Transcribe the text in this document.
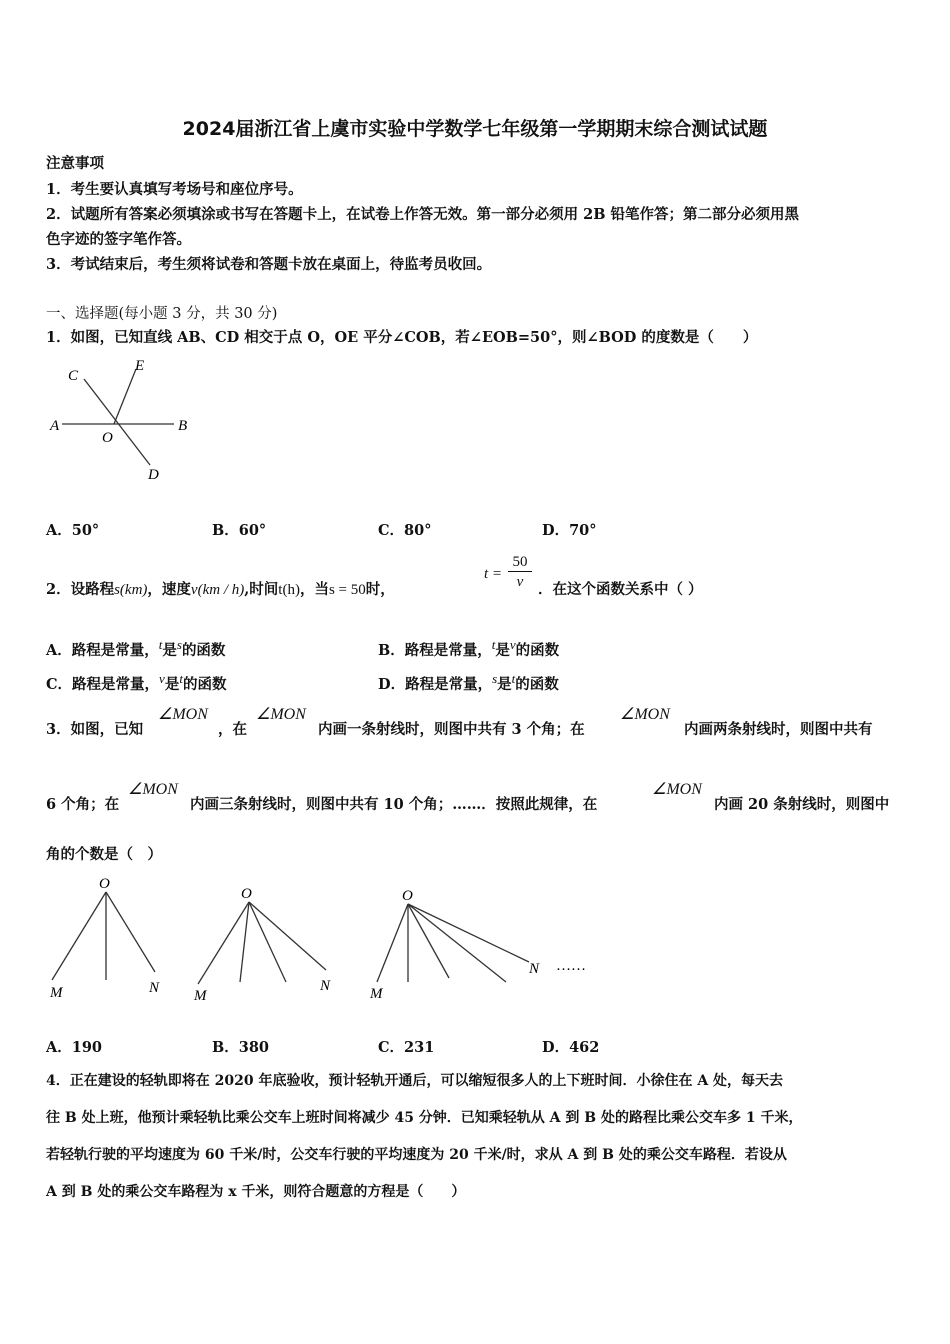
2024届浙江省上虞市实验中学数学七年级第一学期期末综合测试试题
注意事项
1．考生要认真填写考场号和座位序号。
2．试题所有答案必须填涂或书写在答题卡上，在试卷上作答无效。第一部分必须用 2B 铅笔作答；第二部分必须用黑
色字迹的签字笔作答。
3．考试结束后，考生须将试卷和答题卡放在桌面上，待监考员收回。
一、选择题(每小题 3 分，共 30 分)
1．如图，已知直线 AB、CD 相交于点 O，OE 平分∠COB，若∠EOB=50°，则∠BOD 的度数是（　　）
A	B
C
D
E
O
A．50°	B．60°	C．80°	D．70°
2．设路程s(km)，速度v(km / h),时间t(h)，当s = 50时，
$t = \frac{50}{v}$ ．在这个函数关系中（ ）
A．路程是常量，$^t$是$^s$的函数	B．路程是常量，$^t$是$^v$的函数
C．路程是常量，$^v$是$^t$的函数	D．路程是常量，$^s$是$^t$的函数
3．如图，已知
∠MON
，在
∠MON
内画一条射线时，则图中共有 3 个角；在
∠MON
内画两条射线时，则图中共有
6 个角；在
∠MON
内画三条射线时，则图中共有 10 个角；……．按照此规律，在
∠MON
内画 20 条射线时，则图中
角的个数是（　）
O
M	N
O
M
N
O
M
N ……
A．190	B．380	C．231	D．462
4．正在建设的轻轨即将在 2020 年底验收，预计轻轨开通后，可以缩短很多人的上下班时间．小徐住在 A 处，每天去
往 B 处上班，他预计乘轻轨比乘公交车上班时间将减少 45 分钟．已知乘轻轨从 A 到 B 处的路程比乘公交车多 1 千米，
若轻轨行驶的平均速度为 60 千米/时，公交车行驶的平均速度为 20 千米/时，求从 A 到 B 处的乘公交车路程．若设从
A 到 B 处的乘公交车路程为 x 千米，则符合题意的方程是（　　）
